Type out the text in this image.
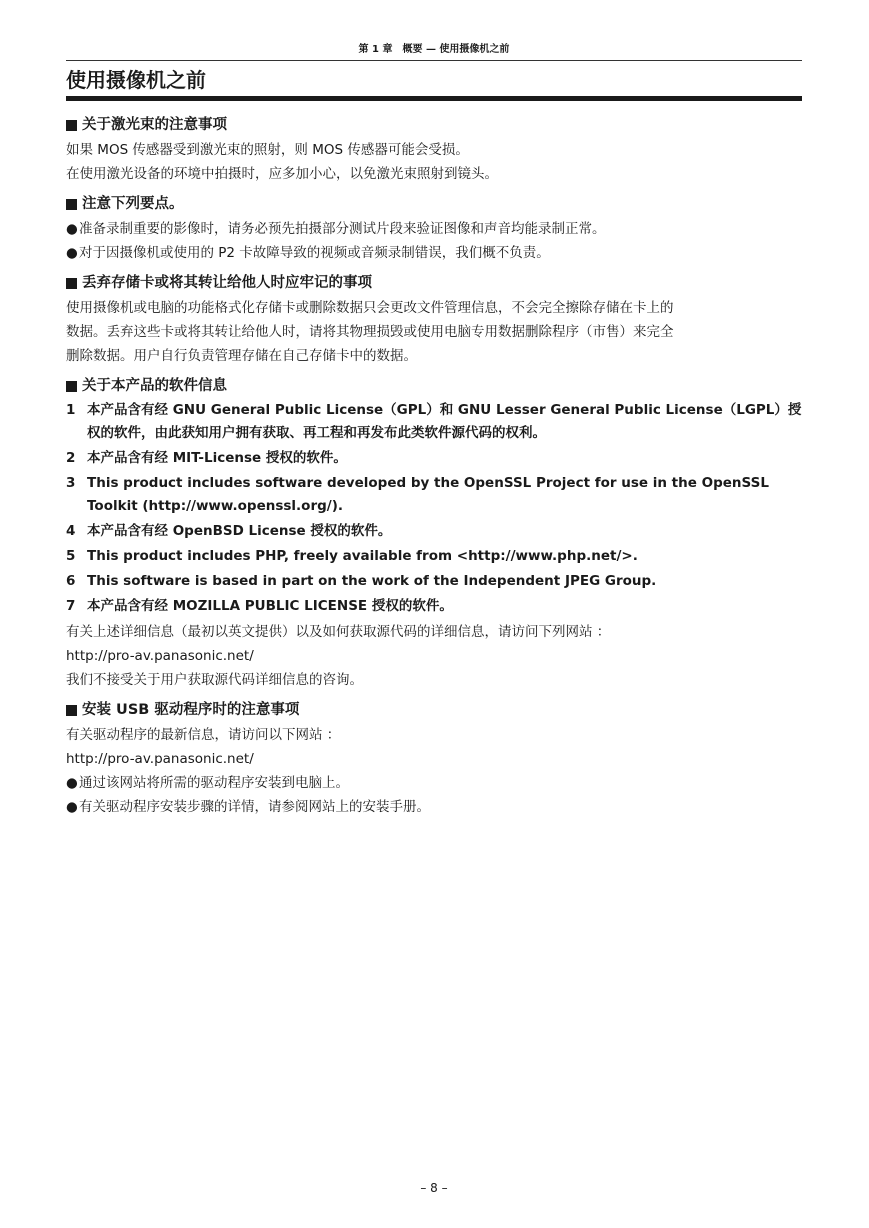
第 1 章　概要 — 使用摄像机之前
使用摄像机之前
关于激光束的注意事项

如果 MOS 传感器受到激光束的照射，则 MOS 传感器可能会受损。

在使用激光设备的环境中拍摄时，应多加小心，以免激光束照射到镜头。

注意下列要点。
● 准备录制重要的影像时，请务必预先拍摄部分测试片段来验证图像和声音均能录制正常。
● 对于因摄像机或使用的 P2 卡故障导致的视频或音频录制错误，我们概不负责。
丢弃存储卡或将其转让给他人时应牢记的事项

使用摄像机或电脑的功能格式化存储卡或删除数据只会更改文件管理信息，不会完全擦除存储在卡上的

数据。丢弃这些卡或将其转让给他人时，请将其物理损毁或使用电脑专用数据删除程序（市售）来完全

删除数据。用户自行负责管理存储在自己存储卡中的数据。

关于本产品的软件信息
1 本产品含有经 GNU General Public License（GPL）和 GNU Lesser General Public License（LGPL）授权的软件，由此获知用户拥有获取、再工程和再发布此类软件源代码的权利。
2 本产品含有经 MIT-License 授权的软件。
3 This product includes software developed by the OpenSSL Project for use in the OpenSSL Toolkit (http://www.openssl.org/).
4 本产品含有经 OpenBSD License 授权的软件。
5 This product includes PHP, freely available from <http://www.php.net/>.
6 This software is based in part on the work of the Independent JPEG Group.
7 本产品含有经 MOZILLA PUBLIC LICENSE 授权的软件。

有关上述详细信息（最初以英文提供）以及如何获取源代码的详细信息，请访问下列网站 ：

http://pro-av.panasonic.net/

我们不接受关于用户获取源代码详细信息的咨询。

安装 USB 驱动程序时的注意事项

有关驱动程序的最新信息，请访问以下网站 ：

http://pro-av.panasonic.net/

● 通过该网站将所需的驱动程序安装到电脑上。
● 有关驱动程序安装步骤的详情，请参阅网站上的安装手册。
– 8 –
